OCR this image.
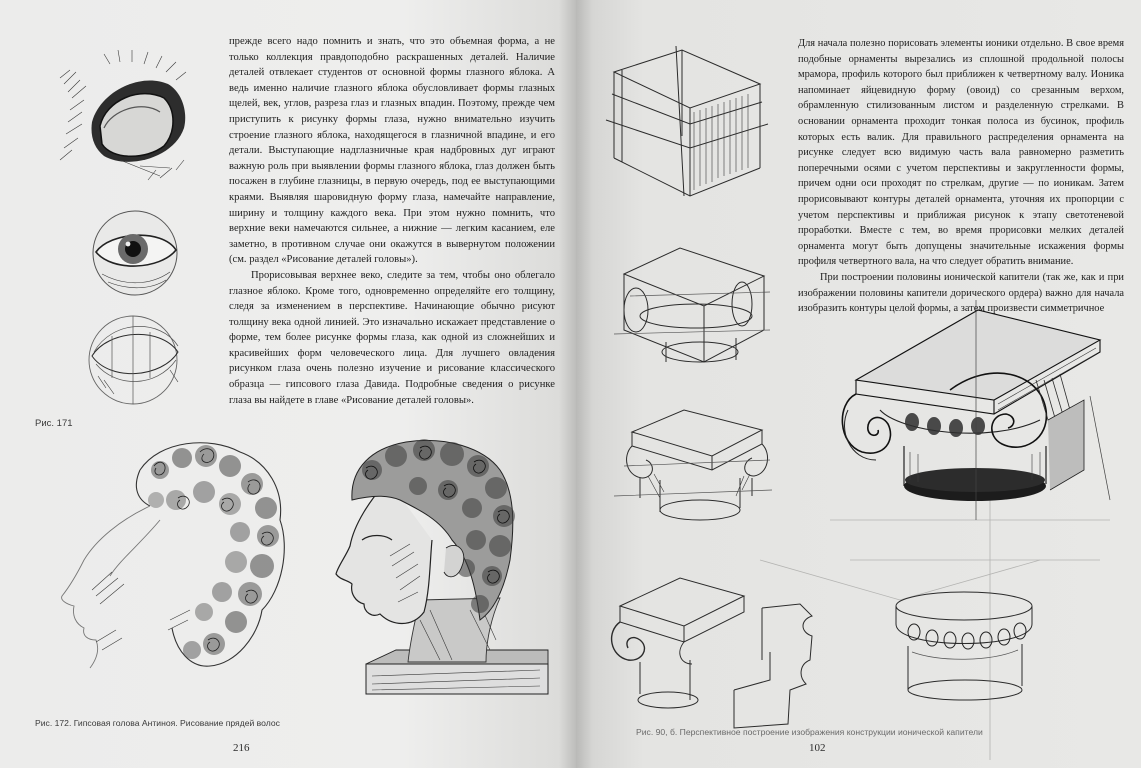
Рис. 171

прежде всего надо помнить и знать, что это объемная форма, а не только коллекция правдоподобно раскрашенных деталей. Наличие деталей отвлекает студентов от основной формы глазного яблока. А ведь именно наличие глазного яблока обусловливает формы глазных щелей, век, углов, разреза глаз и глазных впадин. Поэтому, прежде чем приступить к рисунку формы глаза, нужно внимательно изучить строение глазного яблока, находящегося в глазничной впадине, и его детали. Выступающие надглазничные края надбровных дуг играют важную роль при выявлении формы глазного яблока, глаз должен быть посажен в глубине глазницы, в первую очередь, под ее выступающими краями. Выявляя шаровидную форму глаза, намечайте направление, ширину и толщину каждого века. При этом нужно помнить, что верхние веки намечаются сильнее, а нижние — легким касанием, еле заметно, в противном случае они окажутся в вывернутом положении (см. раздел «Рисование деталей головы»).

Прорисовывая верхнее веко, следите за тем, чтобы оно облегало глазное яблоко. Кроме того, одновременно определяйте его толщину, следя за изменением в перспективе. Начинающие обычно рисуют толщину века одной линией. Это изначально искажает представление о форме, тем более рисунке формы глаза, как одной из сложнейших и красивейших форм человеческого лица. Для лучшего овладения рисунком глаза очень полезно изучение и рисование классического образца — гипсового глаза Давида. Подробные сведения о рисунке глаза вы найдете в главе «Рисование деталей головы».

Рис. 172. Гипсовая голова Антиноя. Рисование прядей волос
216

Для начала полезно порисовать элементы ионики отдельно. В свое время подобные орнаменты вырезались из сплошной продольной полосы мрамора, профиль которого был приближен к четвертному валу. Ионика напоминает яйцевидную форму (овоид) со срезанным верхом, обрамленную стилизованным листом и разделенную стрелками. В основании орнамента проходит тонкая полоса из бусинок, профиль которых есть валик. Для правильного распределения орнамента на рисунке следует всю видимую часть вала равномерно разметить поперечными осями с учетом перспективы и закругленности формы, причем одни оси проходят по стрелкам, другие — по ионикам. Затем прорисовывают контуры деталей орнамента, уточняя их пропорции с учетом перспективы и приближая рисунок к этапу светотеневой проработки. Вместе с тем, во время прорисовки мелких деталей орнамента могут быть допущены значительные искажения формы профиля четвертного вала, на что следует обратить внимание.

При построении половины ионической капители (так же, как и при изображении половины капители дорического ордера) важно для начала изобразить контуры целой формы, а затем произвести симметричное

Рис. 90, б. Перспективное построение изображения конструкции ионической капители
102
